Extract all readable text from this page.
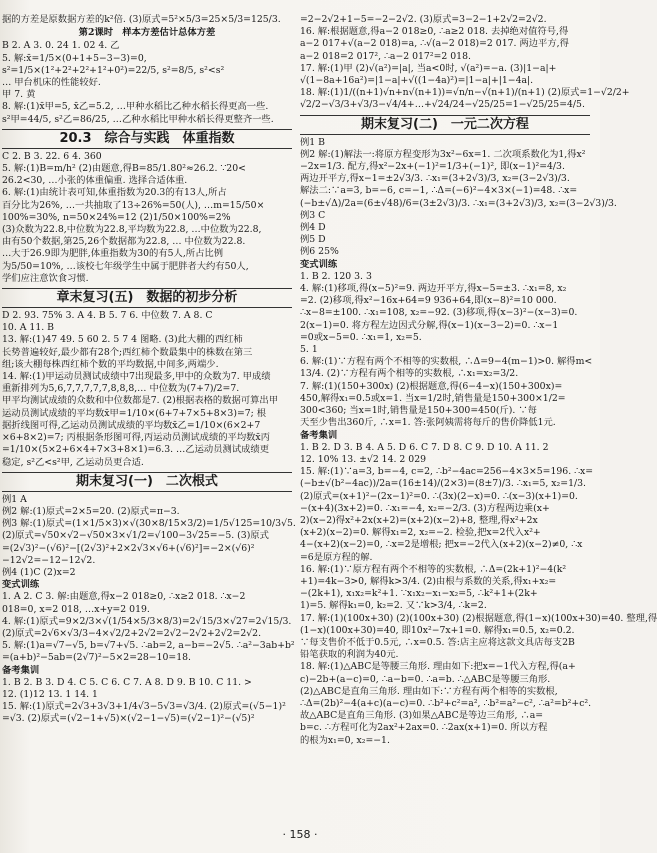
据的方差是原数据方差的k²倍. (3)原式=5²×5/3=25×5/3=125/3.
第2课时　样本方差估计总体方差
B 2. A 3. 0. 24 1. 02 4. 乙
5. 解:x̄=1/5×(0+1+5−3−3)=0,
s²=1/5×(1²+2²+2²+1²+0²)=22/5, s²=8/5, s²<s²
… 甲台机床的性能较好.
甲 7. 黄
8. 解:(1)x̄甲=5, x̄乙=5.2, …甲种水稻比乙种水稻长得更高一些.
s²甲=44/5, s²乙=86/25, …乙种水稻比甲种水稻长得更整齐一些.
20.3　综合与实践　体重指数
C 2. B 3. 22. 6 4. 360
5. 解:(1)B=m/h² (2)由题意,得B=85/1.80²≈26.2. ∵20<
26.2<30, …小张的体重偏重. 选择合适体重.
6. 解:(1)由统计表可知,体重指数为20.3的有13人,所占
百分比为26%, …一共抽取了13÷26%=50(人), …m=15/50×
100%=30%, n=50×24%=12 (2)1/50×100%=2%
(3)众数为22.8,中位数为22.8,平均数为22.8, …中位数为22.8,
由有50个数据,第25,26个数据都为22.8, … 中位数为22.8.
…大于26.9即为肥胖,体重指数为30的有5人,所占比例
为5/50=10%, …该校七年级学生中属于肥胖者大约有50人,
学们应注意饮食习惯.
章末复习(五)　数据的初步分析
D 2. 93. 75% 3. A 4. B 5. 7 6. 中位数 7. A 8. C
10. A 11. B
13. 解:(1)47 49. 5 60 2. 5 7 4 图略. (3)此大棚的西红柿
长势普遍较好,最少都有28个;西红柿个数最集中的株数在第三
组;该大棚每株西红柿个数的平均数据,中间多,两端少.
14. 解:(1)甲运动员测试成绩中7出现最多,甲中的众数为7. 甲成绩
重新排列为5,6,7,7,7,7,7,8,8,8,… 中位数为(7+7)/2=7.
甲平均测试成绩的众数和中位数都是7. (2)根据表格的数据可算出甲
运动员测试成绩的平均数x̄甲=1/10×(6+7+7×5+8×3)=7; 根
据折线图可得,乙运动员测试成绩的平均数x̄乙=1/10×(6×2+7
×6+8×2)=7; 丙根据条形图可得,丙运动员测试成绩的平均数x̄丙
=1/10×(5×2+6×4+7×3+8×1)=6.3. …乙运动员测试成绩更
稳定, s²乙<s²甲, 乙运动员更合适.
期末复习(一)　二次根式
例1 A
例2 解:(1)原式=2×5=20. (2)原式=π−3.
例3 解:(1)原式=(1×1/5×3)×√(30×8/15×3/2)=1/5√125=10/3√5.
(2)原式=√50×√2−√50×3×√1/2=√100−3√25=−5. (3)原式
=(2√3)²−(√6)²−[(2√3)²+2×2√3×√6+(√6)²]=−2×(√6)²
−12√2=−12−12√2.
例4 (1)C (2)x=2
变式训练
1. A 2. C 3. 解:由题意,得x−2 018≥0, ∴x≥2 018. ∴x−2
018=0, x=2 018, …x+y=2 019.
4. 解:(1)原式=9×2/3×√(1/54×5/3×8/3)=2√15/3×√27=2√15/3.
(2)原式=2√6×√3/3−4×√2/2+2√2=2√2−2√2+2√2=2√2.
5. 解:(1)a=√7−√5, b=√7+√5. ∴ab=2, a−b=−2√5. ∴a²−3ab+b²
=(a+b)²−5ab=(2√7)²−5×2=28−10=18.
备考集训
1. B 2. B 3. D 4. C 5. C 6. C 7. A 8. D 9. B 10. C 11. >
12. (1)12 13. 1 14. 1
15. 解:(1)原式=2√3+3√3+1/4√3−5√3=√3/4. (2)原式=(√5−1)²
=√3. (2)原式=(√2−1+√5)×(√2−1−√5)=(√2−1)²−(√5)²
=2−2√2+1−5=−2−2√2. (3)原式=3−2−1+2√2=2√2.
16. 解:根据题意,得a−2 018≥0, ∴a≥2 018. 去掉绝对值符号,得
a−2 017+√(a−2 018)=a, ∴√(a−2 018)=2 017. 两边平方,得
a−2 018=2 017², ∴a−2 017²=2 018.
17. 解:(1)甲 (2)√(a²)=|a|, 当a<0时, √(a²)=−a. (3)|1−a|+
√(1−8a+16a²)=|1−a|+√((1−4a)²)=|1−a|+|1−4a|.
18. 解:(1)1/((n+1)√n+n√(n+1))=√n/n−√(n+1)/(n+1) (2)原式=1−√2/2+
√2/2−√3/3+√3/3−√4/4+…+√24/24−√25/25=1−√25/25=4/5.
期末复习(二)　一元二次方程
例1 B
例2 解:(1)解法一:将原方程变形为3x²−6x=1. 二次项系数化为1,得x²
−2x=1/3. 配方,得x²−2x+(−1)²=1/3+(−1)², 即(x−1)²=4/3.
两边开平方,得x−1=±2√3/3. ∴x₁=(3+2√3)/3, x₂=(3−2√3)/3.
解法二:∵a=3, b=−6, c=−1, ∴Δ=(−6)²−4×3×(−1)=48. ∴x=
(−b±√Δ)/2a=(6±√48)/6=(3±2√3)/3. ∴x₁=(3+2√3)/3, x₂=(3−2√3)/3.
例3 C
例4 D
例5 D
例6 25%
变式训练
1. B 2. 120 3. 3
4. 解:(1)移项,得(x−5)²=9. 两边开平方,得x−5=±3. ∴x₁=8, x₂
=2. (2)移项,得x²−16x+64=9 936+64,即(x−8)²=10 000.
∴x−8=±100. ∴x₁=108, x₂=−92. (3)移项,得(x−3)²−(x−3)=0.
2(x−1)=0. 将方程左边因式分解,得(x−1)(x−3−2)=0. ∴x−1
=0或x−5=0. ∴x₁=1, x₂=5.
5. 1
6. 解:(1)∵方程有两个不相等的实数根, ∴Δ=9−4(m−1)>0. 解得m<
13/4. (2)∵方程有两个相等的实数根, ∴x₁=x₂=3/2.
7. 解:(1)(150+300x) (2)根据题意,得(6−4−x)(150+300x)=
450,解得x₁=0.5或x=1. 当x=1/2时,销售量是150+300×1/2=
300<360; 当x=1时,销售量是150+300=450(斤). ∵每
天至少售出360斤, ∴x=1. 答:张阿姨需将每斤的售价降低1元.
备考集训
1. B 2. D 3. B 4. A 5. D 6. C 7. D 8. C 9. D 10. A 11. 2
12. 10% 13. ±√2 14. 2 029
15. 解:(1)∵a=3, b=−4, c=2, ∴b²−4ac=256−4×3×5=196. ∴x=
(−b±√(b²−4ac))/2a=(16±14)/(2×3)=(8±7)/3. ∴x₁=5, x₂=1/3.
(2)原式=(x+1)²−(2x−1)²=0. ∴(3x)(2−x)=0. ∴(x−3)(x+1)=0.
−(x+4)(3x+2)=0. ∴x₁=−4, x₂=−2/3. (3)方程两边乘(x+
2)(x−2)得x²+2x(x+2)=(x+2)(x−2)+8, 整理,得x²+2x
(x+2)(x−2)=0. 解得x₁=2, x₂=−2. 检验,把x=2代入x²+
4−(x+2)(x−2)=0, ∴x=2是增根; 把x=−2代入(x+2)(x−2)≠0, ∴x
=6是原方程的解.
16. 解:(1)∵原方程有两个不相等的实数根, ∴Δ=(2k+1)²−4(k²
+1)=4k−3>0, 解得k>3/4. (2)由根与系数的关系,得x₁+x₂=
−(2k+1), x₁x₂=k²+1. ∵x₁x₂−x₁−x₂=5, ∴k²+1+(2k+
1)=5. 解得k₁=0, k₂=2. 又∵k>3/4, ∴k=2.
17. 解:(1)(100x+30) (2)(100x+30) (2)根据题意,得(1−x)(100x+30)=40. 整理,得
(1−x)(100x+30)=40, 即10x²−7x+1=0. 解得x₁=0.5, x₂=0.2.
∵每支售价不低于0.5元, ∴x=0.5. 答:店主应将这款文具店每支2B
铅笔获取的利润为40元.
18. 解:(1)△ABC是等腰三角形. 理由如下:把x=−1代入方程,得(a+
c)−2b+(a−c)=0, ∴a−b=0. ∴a=b. ∴△ABC是等腰三角形.
(2)△ABC是直角三角形. 理由如下:∵方程有两个相等的实数根,
∴Δ=(2b)²−4(a+c)(a−c)=0. ∴b²+c²=a², ∴b²=a²−c², ∴a²=b²+c².
故△ABC是直角三角形. (3)如果△ABC是等边三角形, ∴a=
b=c. ∴方程可化为2ax²+2ax=0. ∴2ax(x+1)=0. 所以方程
的根为x₁=0, x₂=−1.
· 158 ·
